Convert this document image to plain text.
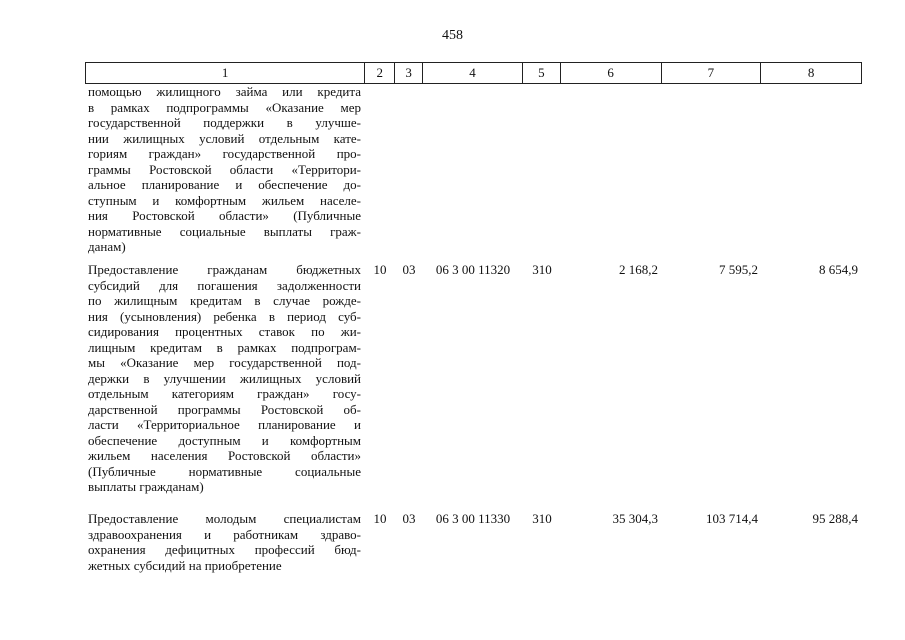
458
1	2	3	4	5	6	7	8
помощью жилищного займа или кредита
в рамках подпрограммы «Оказание мер
государственной поддержки в улучше-
нии жилищных условий отдельным кате-
гориям граждан» государственной про-
граммы Ростовской области «Территори-
альное планирование и обеспечение до-
ступным и комфортным жильем населе-
ния Ростовской области» (Публичные
нормативные социальные выплаты граж-
данам)
Предоставление гражданам бюджетных
субсидий для погашения задолженности
по жилищным кредитам в случае рожде-
ния (усыновления) ребенка в период суб-
сидирования процентных ставок по жи-
лищным кредитам в рамках подпрограм-
мы «Оказание мер государственной под-
держки в улучшении жилищных условий
отдельным категориям граждан» госу-
дарственной программы Ростовской об-
ласти «Территориальное планирование и
обеспечение доступным и комфортным
жильем населения Ростовской области»
(Публичные нормативные социальные
выплаты гражданам)
10	03	06 3 00 11320	310	2 168,2	7 595,2	8 654,9
Предоставление молодым специалистам
здравоохранения и работникам здраво-
охранения дефицитных профессий бюд-
жетных субсидий на приобретение
10	03	06 3 00 11330	310	35 304,3	103 714,4	95 288,4
